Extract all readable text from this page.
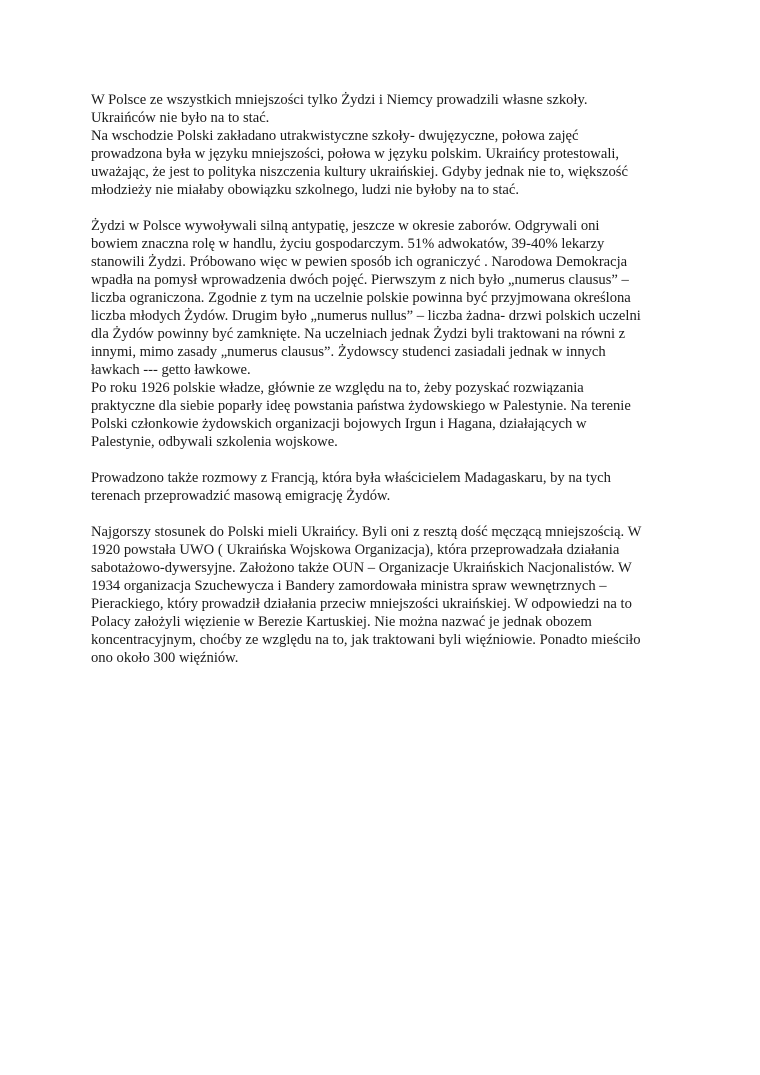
W Polsce ze wszystkich mniejszości tylko Żydzi i Niemcy prowadzili własne szkoły.
Ukraińców nie było na to stać.
Na wschodzie Polski zakładano utrakwistyczne szkoły- dwujęzyczne, połowa zajęć
prowadzona była w języku mniejszości, połowa w języku polskim. Ukraińcy protestowali,
uważając, że jest to polityka niszczenia kultury ukraińskiej. Gdyby jednak nie to, większość
młodzieży nie miałaby obowiązku szkolnego, ludzi nie byłoby na to stać.
Żydzi w Polsce wywoływali silną antypatię, jeszcze w okresie zaborów. Odgrywali oni
bowiem znaczna rolę w handlu, życiu gospodarczym. 51% adwokatów, 39-40% lekarzy
stanowili Żydzi. Próbowano więc w pewien sposób ich ograniczyć . Narodowa Demokracja
wpadła na pomysł wprowadzenia dwóch pojęć. Pierwszym z nich było „numerus clausus” –
liczba ograniczona. Zgodnie z tym na uczelnie polskie powinna być przyjmowana określona
liczba młodych Żydów. Drugim było „numerus nullus” – liczba żadna- drzwi polskich uczelni
dla Żydów powinny być zamknięte. Na uczelniach jednak Żydzi byli traktowani na równi z
innymi, mimo zasady „numerus clausus”. Żydowscy studenci zasiadali jednak w innych
ławkach --- getto ławkowe.
Po roku 1926 polskie władze, głównie ze względu na to, żeby pozyskać rozwiązania
praktyczne dla siebie poparły ideę powstania państwa żydowskiego w Palestynie. Na terenie
Polski członkowie żydowskich organizacji bojowych Irgun i Hagana, działających w
Palestynie, odbywali szkolenia wojskowe.
Prowadzono także rozmowy z Francją, która była właścicielem Madagaskaru, by na tych
terenach przeprowadzić masową emigrację Żydów.
Najgorszy stosunek do Polski mieli Ukraińcy. Byli oni z resztą dość męczącą mniejszością. W
1920 powstała UWO ( Ukraińska Wojskowa Organizacja), która przeprowadzała działania
sabotażowo-dywersyjne. Założono także OUN – Organizacje Ukraińskich Nacjonalistów. W
1934 organizacja Szuchewycza i Bandery zamordowała ministra spraw wewnętrznych –
Pierackiego, który prowadził działania przeciw mniejszości ukraińskiej. W odpowiedzi na to
Polacy założyli więzienie w Berezie Kartuskiej. Nie można nazwać je jednak obozem
koncentracyjnym, choćby ze względu na to, jak traktowani byli więźniowie. Ponadto mieściło
ono około 300 więźniów.
